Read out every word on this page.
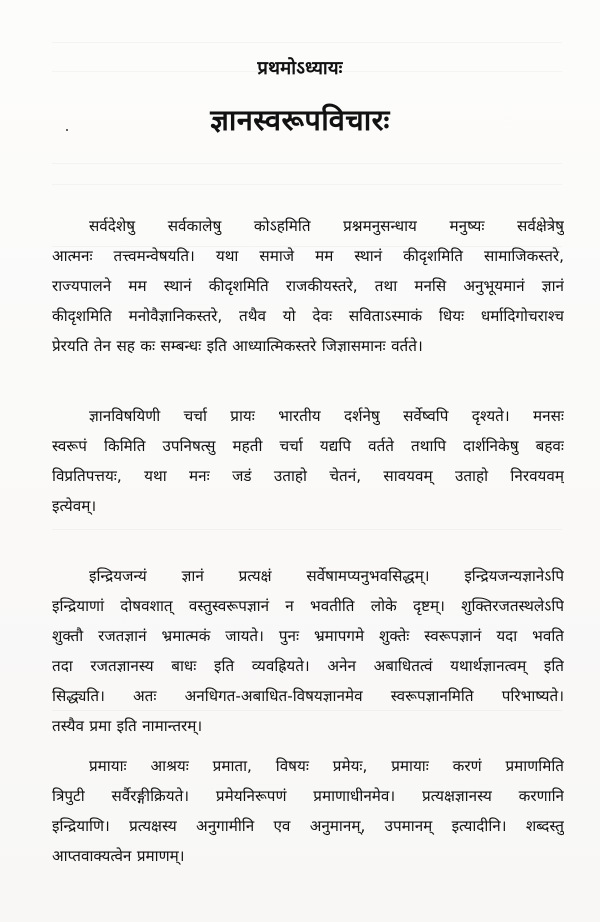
प्रथमोऽध्यायः
ज्ञानस्वरूपविचारः
सर्वदेशेषु सर्वकालेषु कोऽहमिति प्रश्नमनुसन्धाय मनुष्यः सर्वक्षेत्रेषु
आत्मनः तत्त्वमन्वेषयति। यथा समाजे मम स्थानं कीदृशमिति सामाजिकस्तरे,
राज्यपालने मम स्थानं कीदृशमिति राजकीयस्तरे, तथा मनसि अनुभूयमानं ज्ञानं
कीदृशमिति मनोवैज्ञानिकस्तरे, तथैव यो देवः सविताऽस्माकं धियः धर्मादिगोचराश्च
प्रेरयति तेन सह कः सम्बन्धः इति आध्यात्मिकस्तरे जिज्ञासमानः वर्तते।
ज्ञानविषयिणी चर्चा प्रायः भारतीय दर्शनेषु सर्वेष्वपि दृश्यते। मनसः
स्वरूपं किमिति उपनिषत्सु महती चर्चा यद्यपि वर्तते तथापि दार्शनिकेषु बहवः
विप्रतिपत्तयः, यथा मनः जडं उताहो चेतनं, सावयवम् उताहो निरवयवम्
इत्येवम्।
इन्द्रियजन्यं ज्ञानं प्रत्यक्षं सर्वेषामप्यनुभवसिद्धम्। इन्द्रियजन्यज्ञानेऽपि
इन्द्रियाणां दोषवशात् वस्तुस्वरूपज्ञानं न भवतीति लोके दृष्टम्। शुक्तिरजतस्थलेऽपि
शुक्तौ रजतज्ञानं भ्रमात्मकं जायते। पुनः भ्रमापगमे शुक्तेः स्वरूपज्ञानं यदा भवति
तदा रजतज्ञानस्य बाधः इति व्यवह्रियते। अनेन अबाधितत्वं यथार्थज्ञानत्वम् इति
सिद्ध्यति। अतः अनधिगत-अबाधित-विषयज्ञानमेव स्वरूपज्ञानमिति परिभाष्यते।
तस्यैव प्रमा इति नामान्तरम्।
प्रमायाः आश्रयः प्रमाता, विषयः प्रमेयः, प्रमायाः करणं प्रमाणमिति
त्रिपुटी सर्वैरङ्गीक्रियते। प्रमेयनिरूपणं प्रमाणाधीनमेव। प्रत्यक्षज्ञानस्य करणानि
इन्द्रियाणि। प्रत्यक्षस्य अनुगामीनि एव अनुमानम्, उपमानम् इत्यादीनि। शब्दस्तु
आप्तवाक्यत्वेन प्रमाणम्।
